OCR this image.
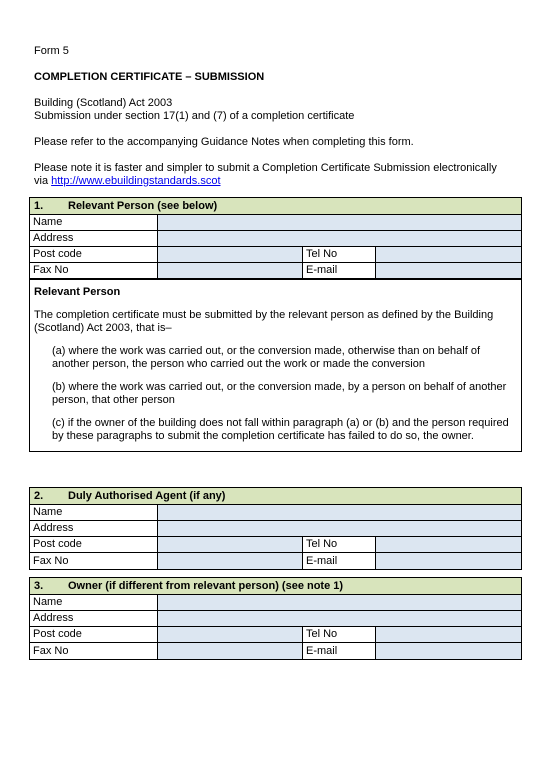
Form 5
COMPLETION CERTIFICATE – SUBMISSION
Building (Scotland) Act 2003
Submission under section 17(1) and (7) of a completion certificate
Please refer to the accompanying Guidance Notes when completing this form.
Please note it is faster and simpler to submit a Completion Certificate Submission electronically
via http://www.ebuildingstandards.scot
1.	Relevant Person (see below)
Name
Address
Post code	Tel No
Fax No	E-mail

Relevant Person

The completion certificate must be submitted by the relevant person as defined by the Building (Scotland) Act 2003, that is–

(a) where the work was carried out, or the conversion made, otherwise than on behalf of another person, the person who carried out the work or made the conversion

(b) where the work was carried out, or the conversion made, by a person on behalf of another person, that other person

(c) if the owner of the building does not fall within paragraph (a) or (b) and the person required by these paragraphs to submit the completion certificate has failed to do so, the owner.

2.	Duly Authorised Agent (if any)
Name
Address
Post code	Tel No
Fax No	E-mail
3.	Owner (if different from relevant person) (see note 1)
Name
Address
Post code	Tel No
Fax No	E-mail
